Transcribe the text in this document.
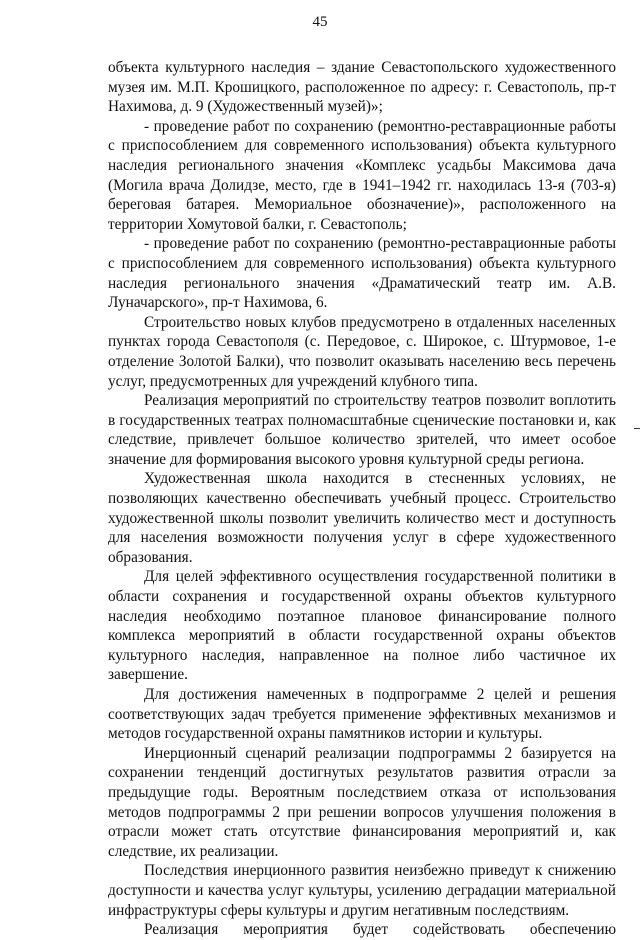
45

объекта культурного наследия – здание Севастопольского художественного музея им. М.П. Крошицкого, расположенное по адресу: г. Севастополь, пр-т Нахимова, д. 9 (Художественный музей)»;

- проведение работ по сохранению (ремонтно-реставрационные работы с приспособлением для современного использования) объекта культурного наследия регионального значения «Комплекс усадьбы Максимова дача (Могила врача Долидзе, место, где в 1941–1942 гг. находилась 13-я (703-я) береговая батарея. Мемориальное обозначение)», расположенного на территории Хомутовой балки, г. Севастополь;

- проведение работ по сохранению (ремонтно-реставрационные работы с приспособлением для современного использования) объекта культурного наследия регионального значения «Драматический театр им. А.В. Луначарского», пр-т Нахимова, 6.

Строительство новых клубов предусмотрено в отдаленных населенных пунктах города Севастополя (с. Передовое, с. Широкое, с. Штурмовое, 1-е отделение Золотой Балки), что позволит оказывать населению весь перечень услуг, предусмотренных для учреждений клубного типа.

Реализация мероприятий по строительству театров позволит воплотить в государственных театрах полномасштабные сценические постановки и, как следствие, привлечет большое количество зрителей, что имеет особое значение для формирования высокого уровня культурной среды региона.

Художественная школа находится в стесненных условиях, не позволяющих качественно обеспечивать учебный процесс. Строительство художественной школы позволит увеличить количество мест и доступность для населения возможности получения услуг в сфере художественного образования.

Для целей эффективного осуществления государственной политики в области сохранения и государственной охраны объектов культурного наследия необходимо поэтапное плановое финансирование полного комплекса мероприятий в области государственной охраны объектов культурного наследия, направленное на полное либо частичное их завершение.

Для достижения намеченных в подпрограмме 2 целей и решения соответствующих задач требуется применение эффективных механизмов и методов государственной охраны памятников истории и культуры.

Инерционный сценарий реализации подпрограммы 2 базируется на сохранении тенденций достигнутых результатов развития отрасли за предыдущие годы. Вероятным последствием отказа от использования методов подпрограммы 2 при решении вопросов улучшения положения в отрасли может стать отсутствие финансирования мероприятий и, как следствие, их реализации.

Последствия инерционного развития неизбежно приведут к снижению доступности и качества услуг культуры, усилению деградации материальной инфраструктуры сферы культуры и другим негативным последствиям.

Реализация мероприятия будет содействовать обеспечению
